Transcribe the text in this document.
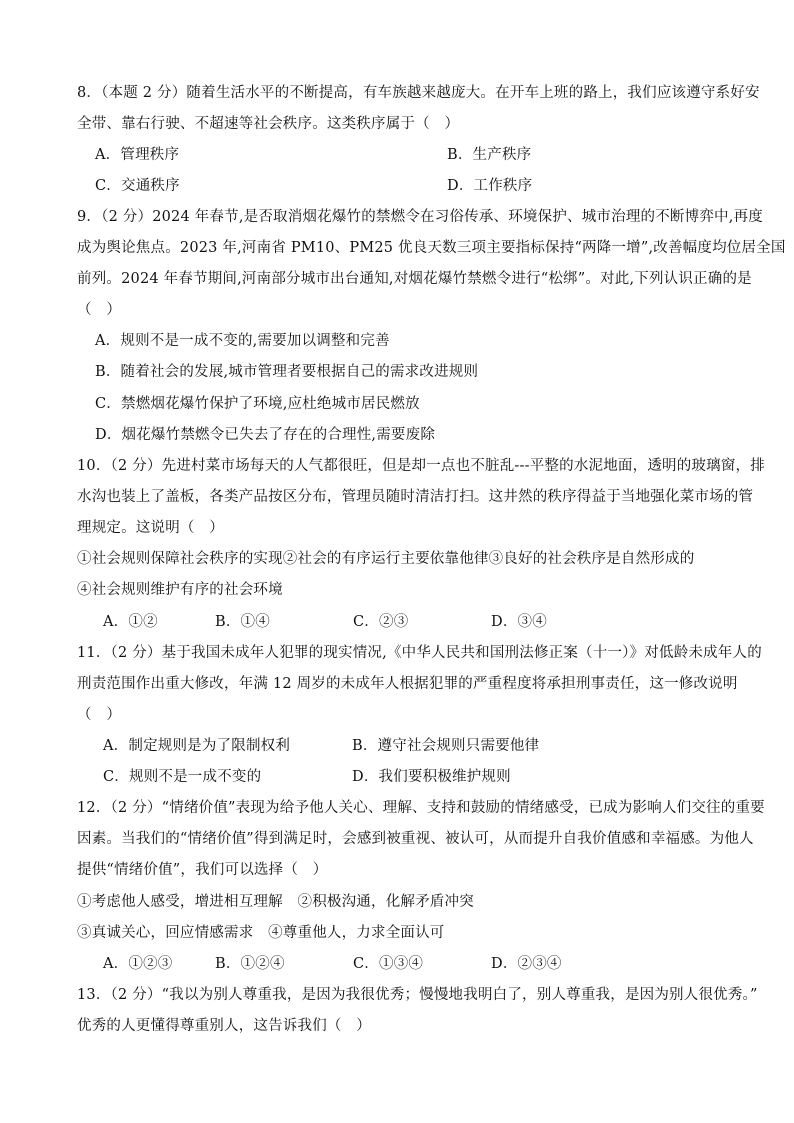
8．（本题 2 分）随着生活水平的不断提高，有车族越来越庞大。在开车上班的路上，我们应该遵守系好安
全带、靠右行驶、不超速等社会秩序。这类秩序属于（　）
A．管理秩序	B．生产秩序
C．交通秩序	D．工作秩序
9．（2 分）2024 年春节,是否取消烟花爆竹的禁燃令在习俗传承、环境保护、城市治理的不断博弈中,再度
成为舆论焦点。2023 年,河南省 PM10、PM25 优良天数三项主要指标保持“两降一增”,改善幅度均位居全国
前列。2024 年春节期间,河南部分城市出台通知,对烟花爆竹禁燃令进行“松绑”。对此,下列认识正确的是
（　）
A．规则不是一成不变的,需要加以调整和完善
B．随着社会的发展,城市管理者要根据自己的需求改进规则
C．禁燃烟花爆竹保护了环境,应杜绝城市居民燃放
D．烟花爆竹禁燃令已失去了存在的合理性,需要废除
10．（2 分）先进村菜市场每天的人气都很旺，但是却一点也不脏乱---平整的水泥地面，透明的玻璃窗，排
水沟也装上了盖板，各类产品按区分布，管理员随时清洁打扫。这井然的秩序得益于当地强化菜市场的管
理规定。这说明（　）
①社会规则保障社会秩序的实现②社会的有序运行主要依靠他律③良好的社会秩序是自然形成的
④社会规则维护有序的社会环境
A．①②	B．①④	C．②③	D．③④
11．（2 分）基于我国未成年人犯罪的现实情况,《中华人民共和国刑法修正案（十一）》对低龄未成年人的
刑责范围作出重大修改，年满 12 周岁的未成年人根据犯罪的严重程度将承担刑事责任，这一修改说明
（　）
A．制定规则是为了限制权利	B．遵守社会规则只需要他律
C．规则不是一成不变的	D．我们要积极维护规则
12．（2 分）“情绪价值”表现为给予他人关心、理解、支持和鼓励的情绪感受，已成为影响人们交往的重要
因素。当我们的“情绪价值”得到满足时，会感到被重视、被认可，从而提升自我价值感和幸福感。为他人
提供“情绪价值”，我们可以选择（　）
①考虑他人感受，增进相互理解　②积极沟通，化解矛盾冲突
③真诚关心，回应情感需求　④尊重他人，力求全面认可
A．①②③	B．①②④	C．①③④	D．②③④
13．（2 分）“我以为别人尊重我，是因为我很优秀；慢慢地我明白了，别人尊重我，是因为别人很优秀。”
优秀的人更懂得尊重别人，这告诉我们（　）
